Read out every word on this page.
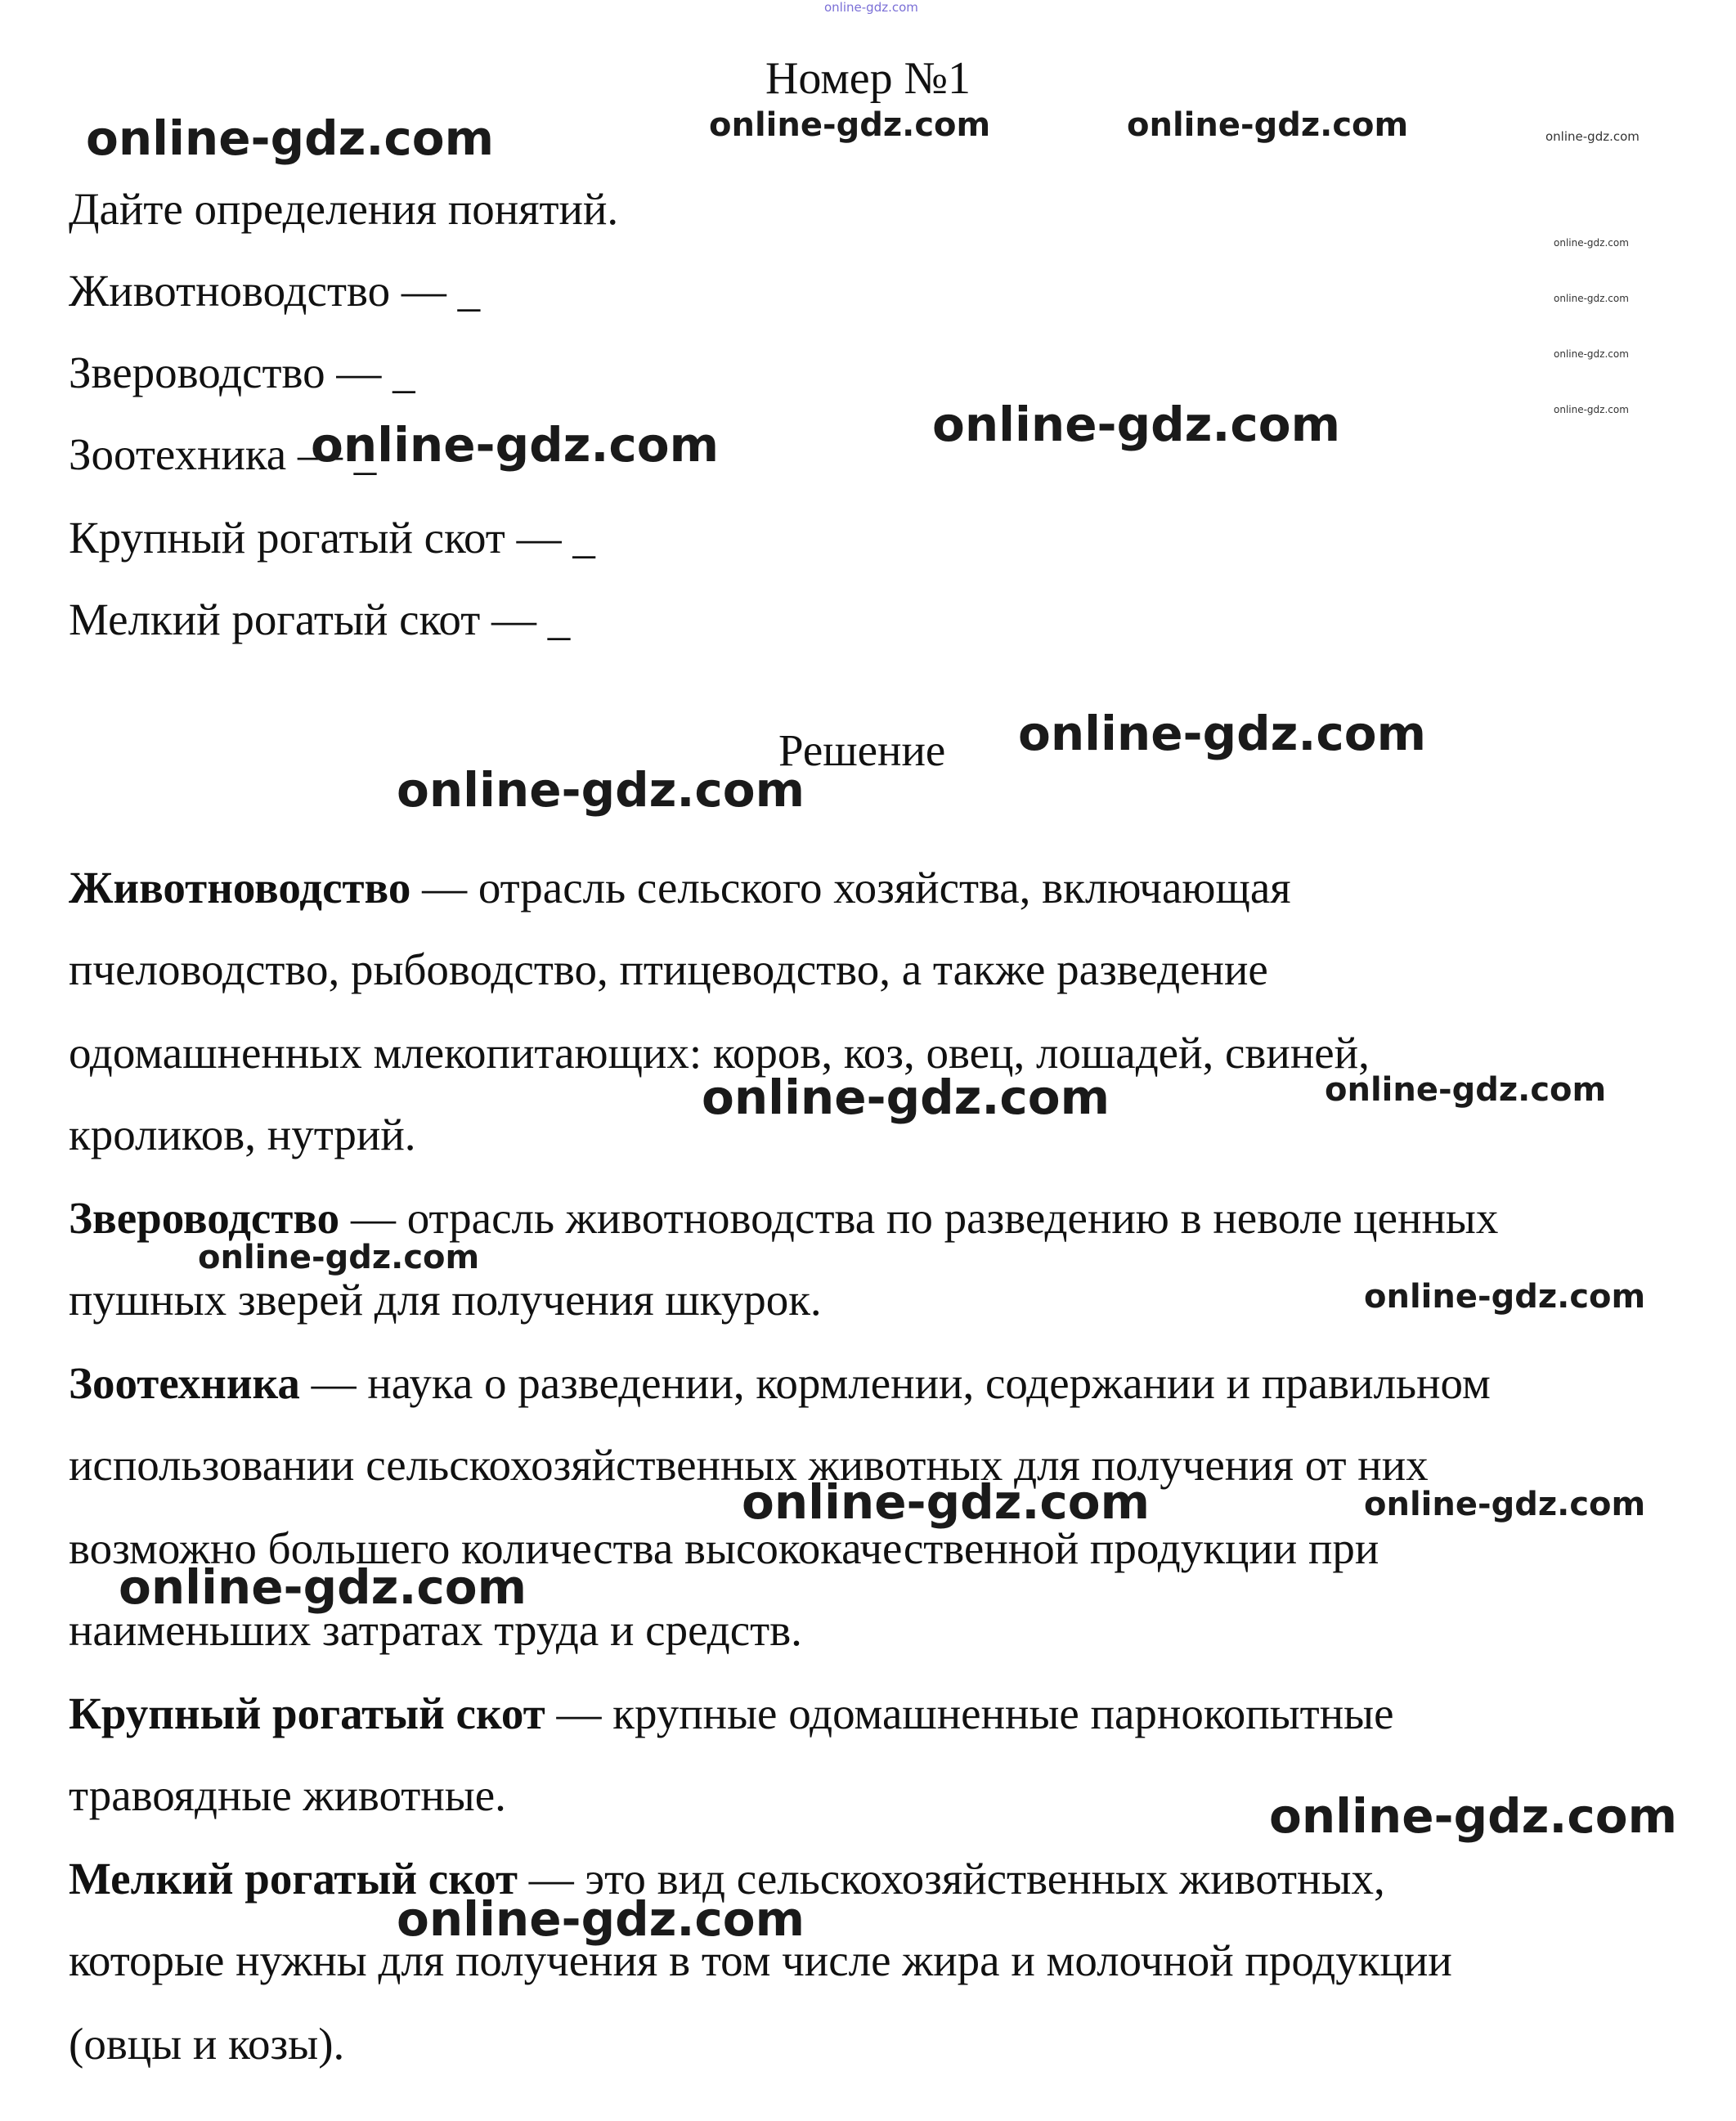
online-gdz.com
Номер №1
Дайте определения понятий.
Животноводство — _
Звероводство — _
Зоотехника — _
Крупный рогатый скот — _
Мелкий рогатый скот — _
Решение
Животноводство — отрасль сельского хозяйства, включающая
пчеловодство, рыбоводство, птицеводство, а также разведение
одомашненных млекопитающих: коров, коз, овец, лошадей, свиней,
кроликов, нутрий.
Звероводство — отрасль животноводства по разведению в неволе ценных
пушных зверей для получения шкурок.
Зоотехника — наука о разведении, кормлении, содержании и правильном
использовании сельскохозяйственных животных для получения от них
возможно большего количества высококачественной продукции при
наименьших затратах труда и средств.
Крупный рогатый скот — крупные одомашненные парнокопытные
травоядные животные.
Мелкий рогатый скот — это вид сельскохозяйственных животных,
которые нужны для получения в том числе жира и молочной продукции
(овцы и козы).
online-gdz.com	online-gdz.com	online-gdz.com	online-gdz.com
online-gdz.com
online-gdz.com
online-gdz.com
online-gdz.com
online-gdz.com	online-gdz.com
online-gdz.com
online-gdz.com
online-gdz.com	online-gdz.com
online-gdz.com
online-gdz.com
online-gdz.com	online-gdz.com
online-gdz.com
online-gdz.com
online-gdz.com
